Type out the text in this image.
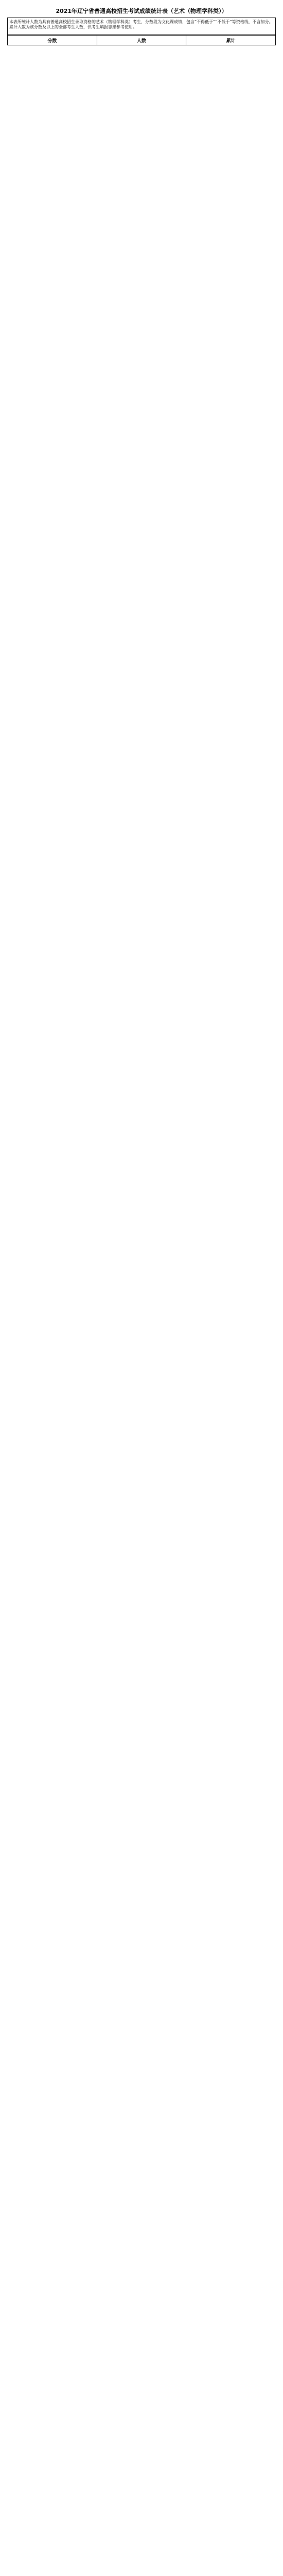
2021年辽宁省普通高校招生考试成绩统计表（艺术（物理学科类））
本表所统计人数为具有普通高校招生录取资格的艺术（物理学科类）考生，分数段为文化课成绩，包含“不得低于”“不低于”等资格线，不含加分。累计人数为该分数及以上的全部考生人数，供考生填报志愿参考使用。
分数	人数	累计
